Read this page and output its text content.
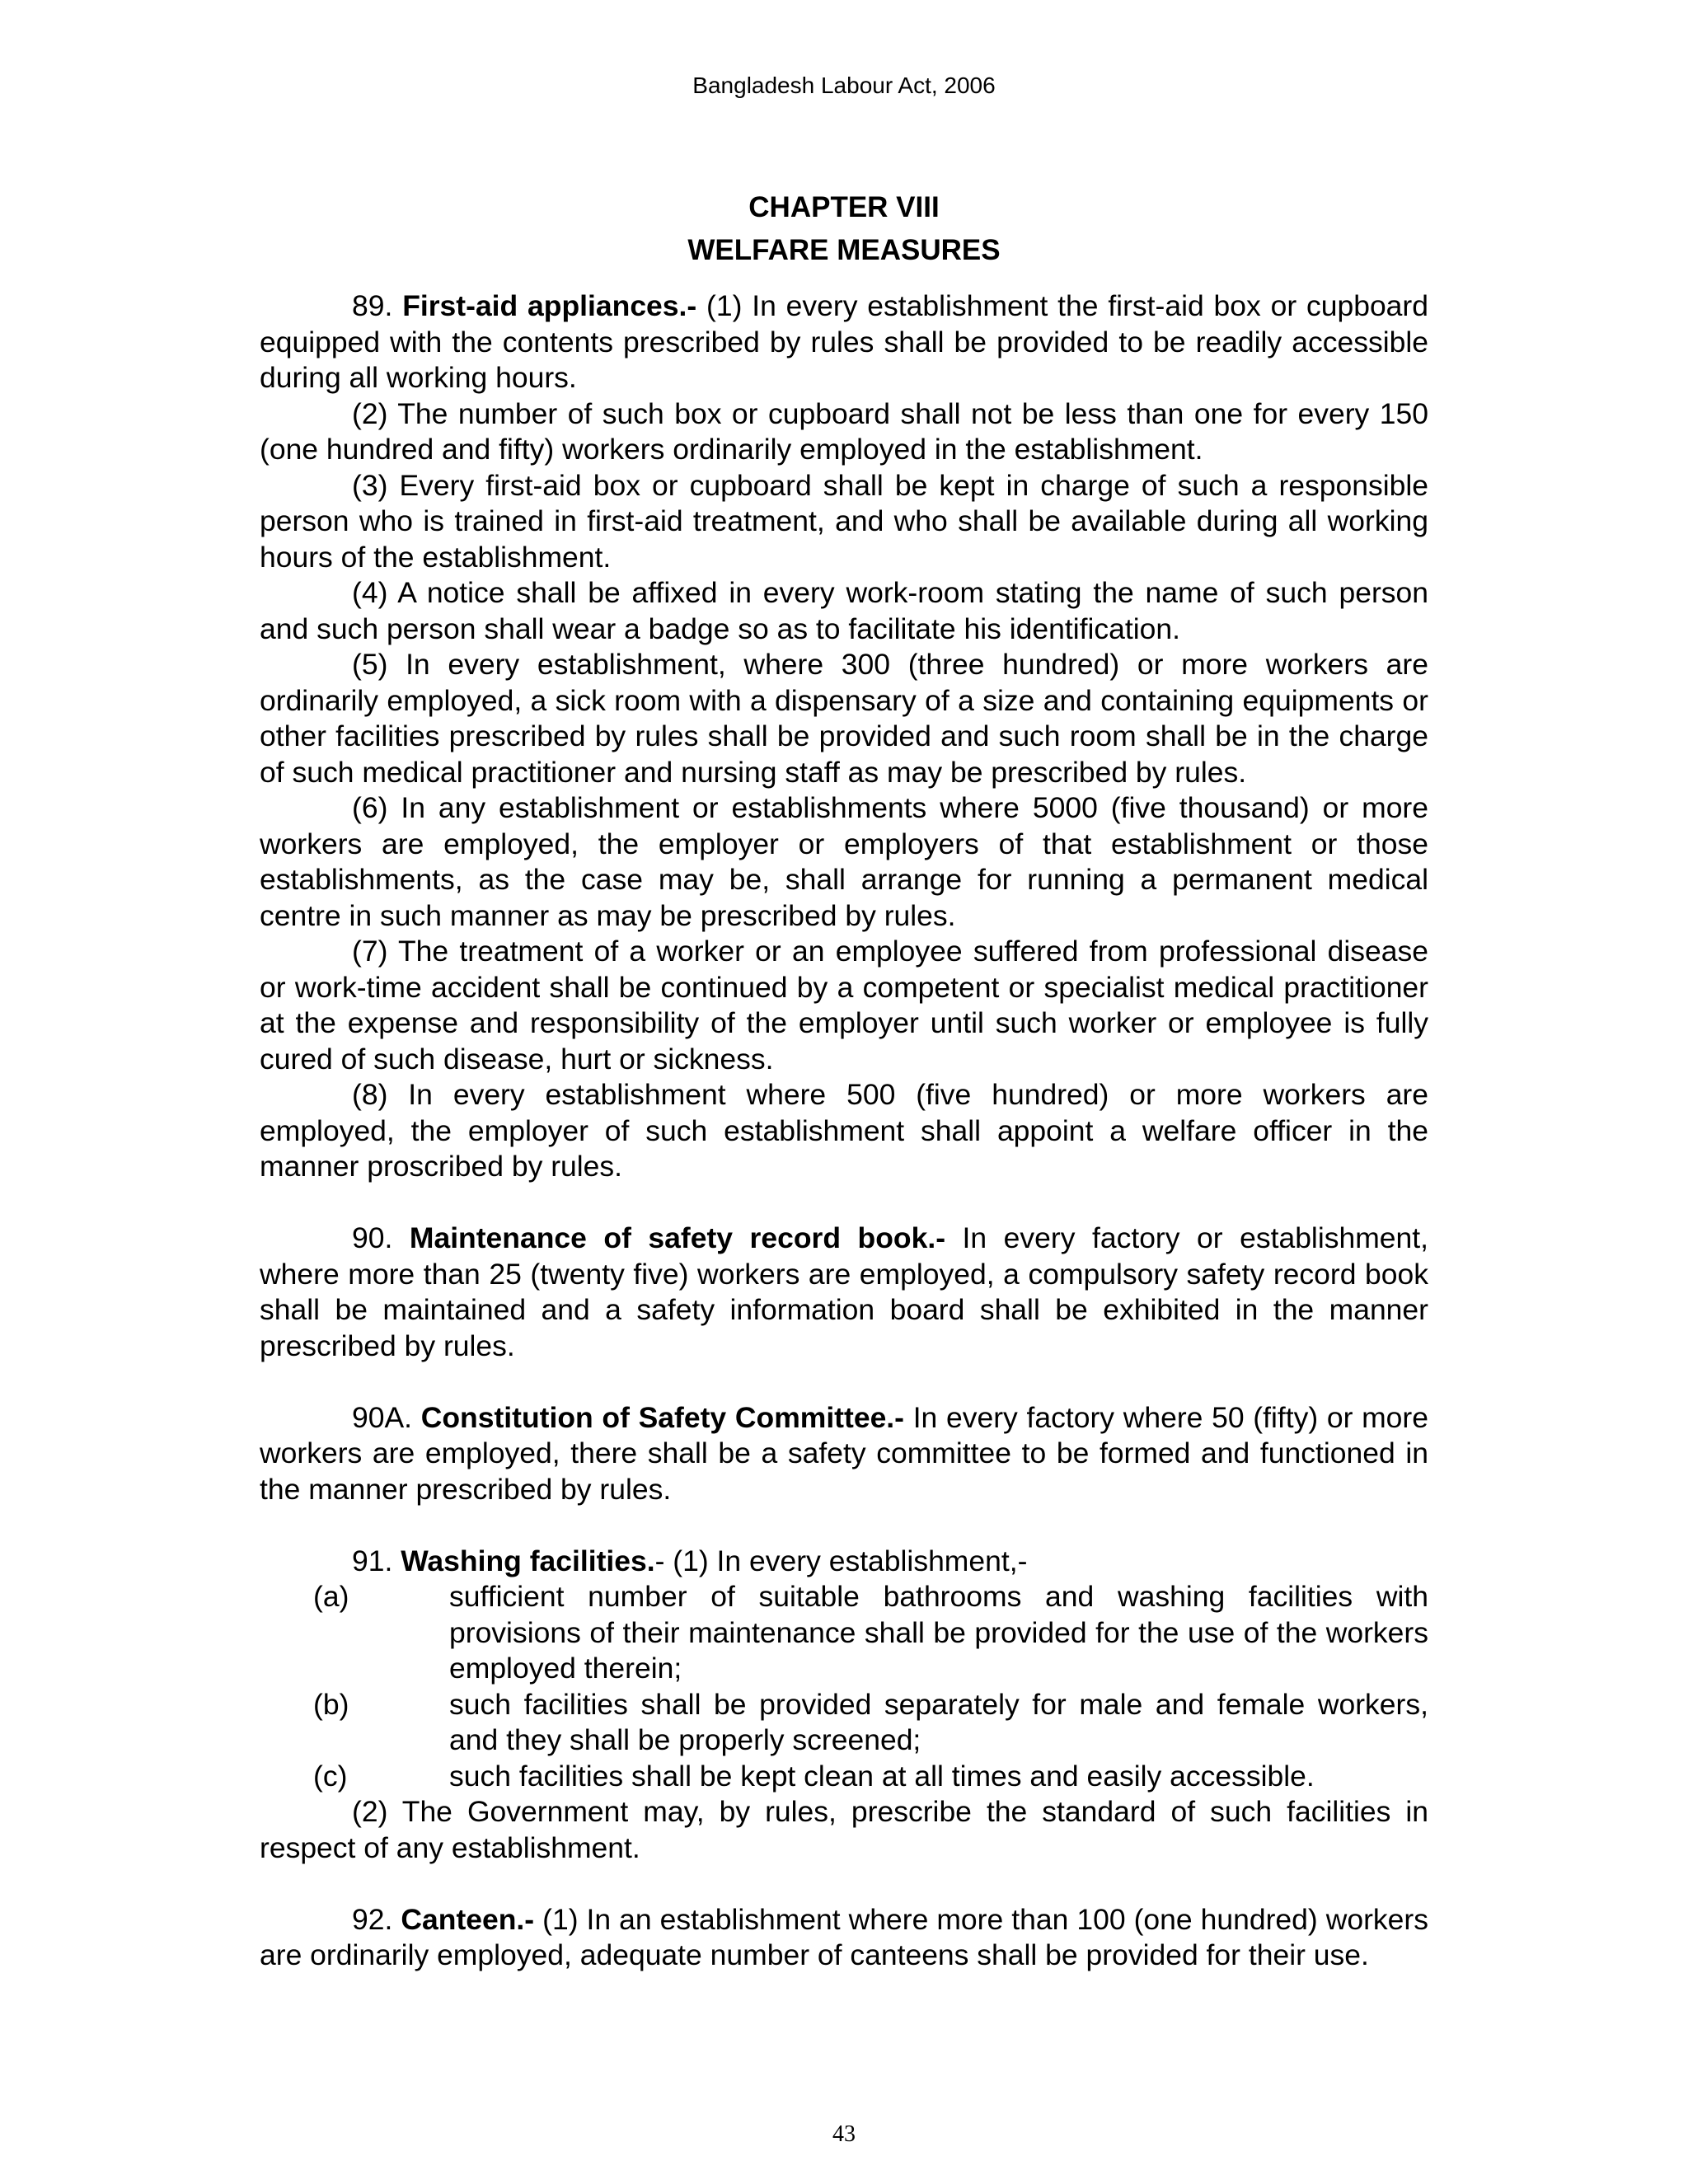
Bangladesh Labour Act, 2006
CHAPTER VIII
WELFARE MEASURES

89. First-aid appliances.- (1) In every establishment the first-aid box or cupboard equipped with the contents prescribed by rules shall be provided to be readily accessible during all working hours.

(2) The number of such box or cupboard shall not be less than one for every 150 (one hundred and fifty) workers ordinarily employed in the establishment.

(3) Every first-aid box or cupboard shall be kept in charge of such a responsible person who is trained in first-aid treatment, and who shall be available during all working hours of the establishment.

(4) A notice shall be affixed in every work-room stating the name of such person and such person shall wear a badge so as to facilitate his identification.

(5) In every establishment, where 300 (three hundred) or more workers are ordinarily employed, a sick room with a dispensary of a size and containing equipments or other facilities prescribed by rules shall be provided and such room shall be in the charge of such medical practitioner and nursing staff as may be prescribed by rules.

(6) In any establishment or establishments where 5000 (five thousand) or more workers are employed, the employer or employers of that establishment or those establishments, as the case may be, shall arrange for running a permanent medical centre in such manner as may be prescribed by rules.

(7) The treatment of a worker or an employee suffered from professional disease or work-time accident shall be continued by a competent or specialist medical practitioner at the expense and responsibility of the employer until such worker or employee is fully cured of such disease, hurt or sickness.

(8) In every establishment where 500 (five hundred) or more workers are employed, the employer of such establishment shall appoint a welfare officer in the manner proscribed by rules.

90. Maintenance of safety record book.- In every factory or establishment, where more than 25 (twenty five) workers are employed, a compulsory safety record book shall be maintained and a safety information board shall be exhibited in the manner prescribed by rules.

90A. Constitution of Safety Committee.- In every factory where 50 (fifty) or more workers are employed, there shall be a safety committee to be formed and functioned in the manner prescribed by rules.

91. Washing facilities.- (1) In every establishment,-

(a)	sufficient number of suitable bathrooms and washing facilities with provisions of their maintenance shall be provided for the use of the workers employed therein;
(b)	such facilities shall be provided separately for male and female workers, and they shall be properly screened;
(c)	such facilities shall be kept clean at all times and easily accessible.

(2) The Government may, by rules, prescribe the standard of such facilities in respect of any establishment.

92. Canteen.- (1) In an establishment where more than 100 (one hundred) workers are ordinarily employed, adequate number of canteens shall be provided for their use.

43
